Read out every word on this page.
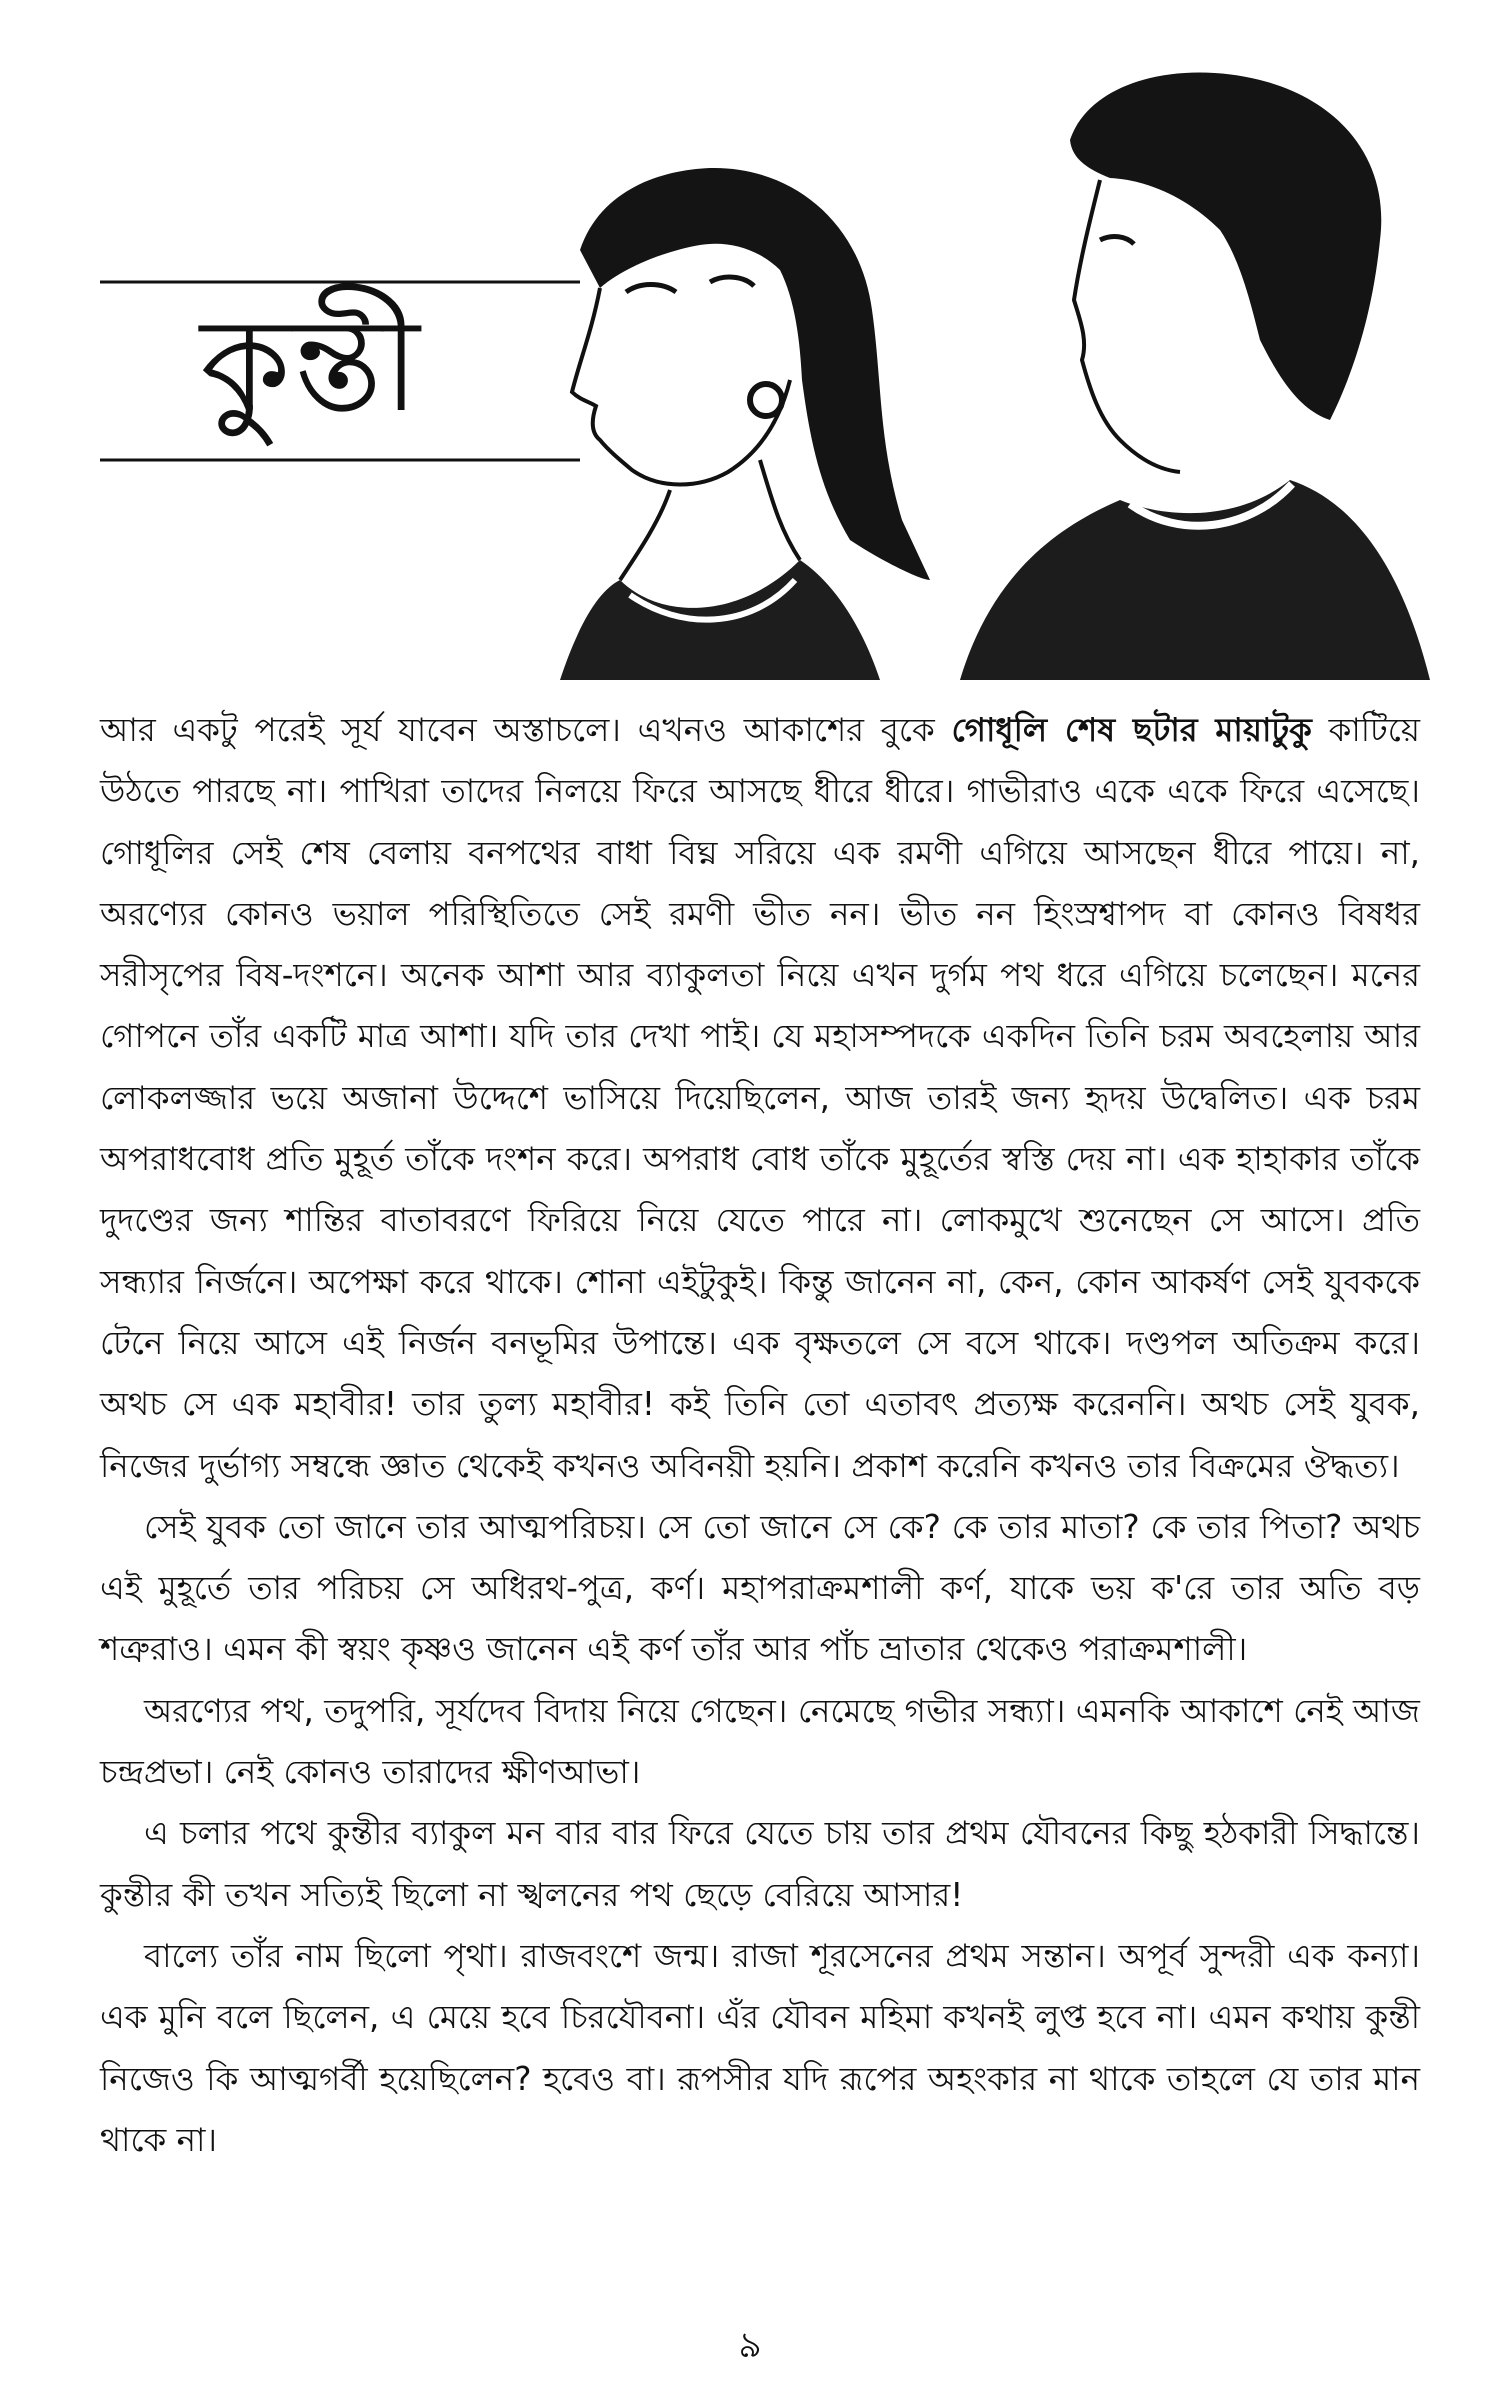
কুন্তী

আর একটু পরেই সূর্য যাবেন অস্তাচলে। এখনও আকাশের বুকে গোধূলি শেষ ছটার মায়াটুকু কাটিয়ে উঠতে পারছে না। পাখিরা তাদের নিলয়ে ফিরে আসছে ধীরে ধীরে। গাভীরাও একে একে ফিরে এসেছে। গোধূলির সেই শেষ বেলায় বনপথের বাধা বিঘ্ন সরিয়ে এক রমণী এগিয়ে আসছেন ধীরে পায়ে। না, অরণ্যের কোনও ভয়াল পরিস্থিতিতে সেই রমণী ভীত নন। ভীত নন হিংস্রশ্বাপদ বা কোনও বিষধর সরীসৃপের বিষ-দংশনে। অনেক আশা আর ব্যাকুলতা নিয়ে এখন দুর্গম পথ ধরে এগিয়ে চলেছেন। মনের গোপনে তাঁর একটি মাত্র আশা। যদি তার দেখা পাই। যে মহাসম্পদকে একদিন তিনি চরম অবহেলায় আর লোকলজ্জার ভয়ে অজানা উদ্দেশে ভাসিয়ে দিয়েছিলেন, আজ তারই জন্য হৃদয় উদ্বেলিত। এক চরম অপরাধবোধ প্রতি মুহূর্ত তাঁকে দংশন করে। অপরাধ বোধ তাঁকে মুহূর্তের স্বস্তি দেয় না। এক হাহাকার তাঁকে দুদণ্ডের জন্য শান্তির বাতাবরণে ফিরিয়ে নিয়ে যেতে পারে না। লোকমুখে শুনেছেন সে আসে। প্রতি সন্ধ্যার নির্জনে। অপেক্ষা করে থাকে। শোনা এইটুকুই। কিন্তু জানেন না, কেন, কোন আকর্ষণ সেই যুবককে টেনে নিয়ে আসে এই নির্জন বনভূমির উপান্তে। এক বৃক্ষতলে সে বসে থাকে। দণ্ডপল অতিক্রম করে। অথচ সে এক মহাবীর! তার তুল্য মহাবীর! কই তিনি তো এতাবৎ প্রত্যক্ষ করেননি। অথচ সেই যুবক, নিজের দুর্ভাগ্য সম্বন্ধে জ্ঞাত থেকেই কখনও অবিনয়ী হয়নি। প্রকাশ করেনি কখনও তার বিক্রমের ঔদ্ধত্য।

সেই যুবক তো জানে তার আত্মপরিচয়। সে তো জানে সে কে? কে তার মাতা? কে তার পিতা? অথচ এই মুহূর্তে তার পরিচয় সে অধিরথ-পুত্র, কর্ণ। মহাপরাক্রমশালী কর্ণ, যাকে ভয় ক'রে তার অতি বড় শত্রুরাও। এমন কী স্বয়ং কৃষ্ণও জানেন এই কর্ণ তাঁর আর পাঁচ ভ্রাতার থেকেও পরাক্রমশালী।

অরণ্যের পথ, তদুপরি, সূর্যদেব বিদায় নিয়ে গেছেন। নেমেছে গভীর সন্ধ্যা। এমনকি আকাশে নেই আজ চন্দ্রপ্রভা। নেই কোনও তারাদের ক্ষীণআভা।

এ চলার পথে কুন্তীর ব্যাকুল মন বার বার ফিরে যেতে চায় তার প্রথম যৌবনের কিছু হঠকারী সিদ্ধান্তে। কুন্তীর কী তখন সত্যিই ছিলো না স্খলনের পথ ছেড়ে বেরিয়ে আসার!

বাল্যে তাঁর নাম ছিলো পৃথা। রাজবংশে জন্ম। রাজা শূরসেনের প্রথম সন্তান। অপূর্ব সুন্দরী এক কন্যা। এক মুনি বলে ছিলেন, এ মেয়ে হবে চিরযৌবনা। এঁর যৌবন মহিমা কখনই লুপ্ত হবে না। এমন কথায় কুন্তী নিজেও কি আত্মগর্বী হয়েছিলেন? হবেও বা। রূপসীর যদি রূপের অহংকার না থাকে তাহলে যে তার মান থাকে না।

৯
